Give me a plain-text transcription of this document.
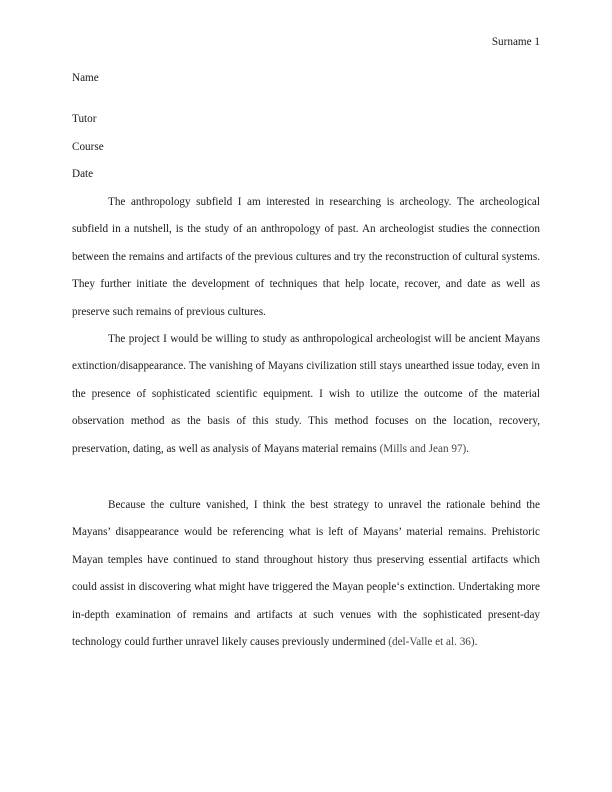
Surname 1
Name
Tutor
Course
Date

The anthropology subfield I am interested in researching is archeology. The archeological subfield in a nutshell, is the study of an anthropology of past. An archeologist studies the connection between the remains and artifacts of the previous cultures and try the reconstruction of cultural systems. They further initiate the development of techniques that help locate, recover, and date as well as preserve such remains of previous cultures.

The project I would be willing to study as anthropological archeologist will be ancient Mayans extinction/disappearance. The vanishing of Mayans civilization still stays unearthed issue today, even in the presence of sophisticated scientific equipment. I wish to utilize the outcome of the material observation method as the basis of this study. This method focuses on the location, recovery, preservation, dating, as well as analysis of Mayans material remains (Mills and Jean 97).

Because the culture vanished, I think the best strategy to unravel the rationale behind the Mayans’ disappearance would be referencing what is left of Mayans’ material remains. Prehistoric Mayan temples have continued to stand throughout history thus preserving essential artifacts which could assist in discovering what might have triggered the Mayan people‘s extinction. Undertaking more in-depth examination of remains and artifacts at such venues with the sophisticated present-day technology could further unravel likely causes previously undermined (del-Valle et al. 36).
